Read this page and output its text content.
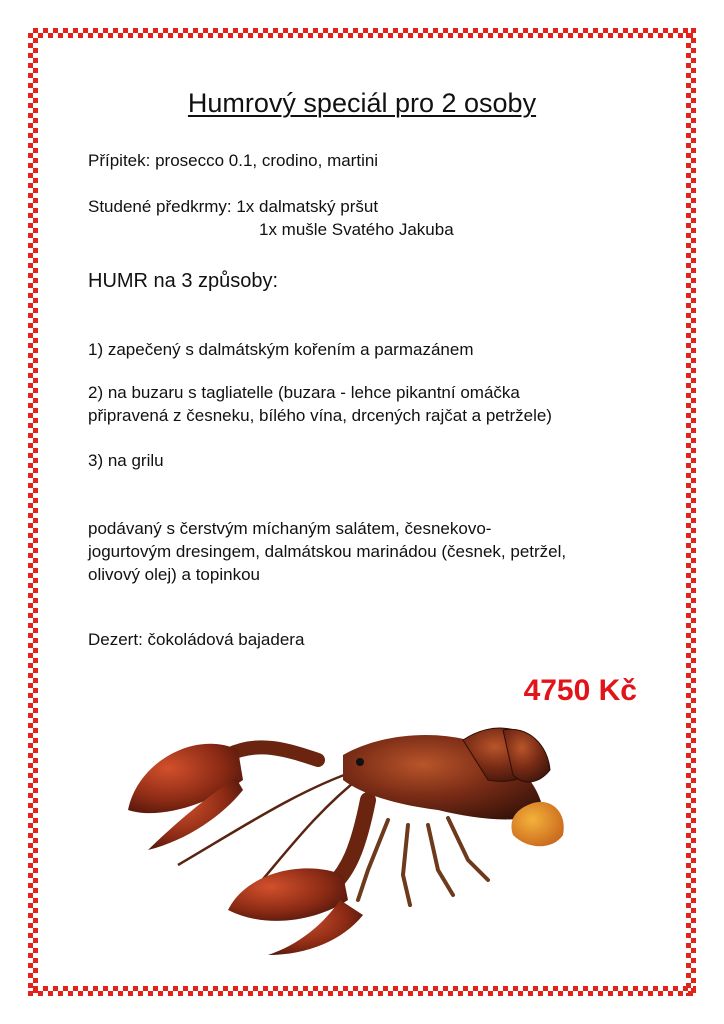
Humrový speciál pro 2 osoby
Přípitek: prosecco 0.1, crodino, martini
Studené předkrmy: 1x dalmatský pršut
1x mušle Svatého Jakuba
HUMR na 3 způsoby:
1) zapečený s dalmátským kořením a parmazánem
2) na buzaru s tagliatelle (buzara - lehce pikantní omáčka
připravená z česneku, bílého vína, drcených rajčat a petržele)
3) na grilu
podávaný s čerstvým míchaným salátem, česnekovo-
jogurtovým dresingem, dalmátskou marinádou (česnek, petržel,
olivový olej) a topinkou
Dezert: čokoládová bajadera
4750 Kč
